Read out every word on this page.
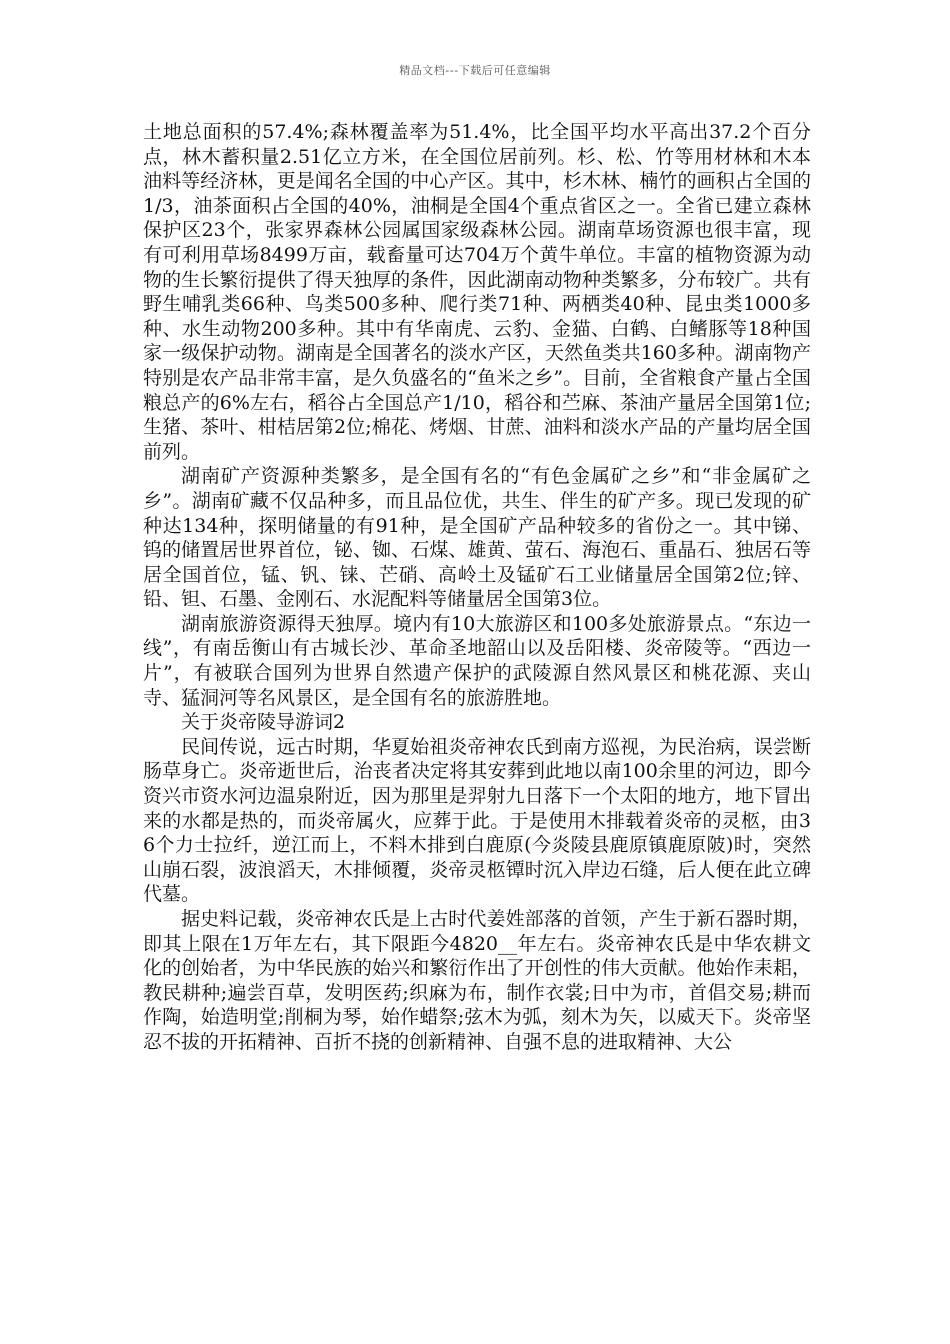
精品文档---下载后可任意编辑

土地总面积的57.4%;森林覆盖率为51.4%，比全国平均水平高出37.2个百分点，林木蓄积量2.51亿立方米，在全国位居前列。杉、松、竹等用材林和木本油料等经济林，更是闻名全国的中心产区。其中，杉木林、楠竹的画积占全国的1/3，油茶面积占全国的40%，油桐是全国4个重点省区之一。全省已建立森林保护区23个，张家界森林公园属国家级森林公园。湖南草场资源也很丰富，现有可利用草场8499万亩，载畜量可达704万个黄牛单位。丰富的植物资源为动物的生长繁衍提供了得天独厚的条件，因此湖南动物种类繁多，分布较广。共有野生哺乳类66种、鸟类500多种、爬行类71种、两栖类40种、昆虫类1000多种、水生动物200多种。其中有华南虎、云豹、金猫、白鹤、白鳍豚等18种国家一级保护动物。湖南是全国著名的淡水产区，天然鱼类共160多种。湖南物产特别是农产品非常丰富，是久负盛名的“鱼米之乡”。目前，全省粮食产量占全国粮总产的6%左右，稻谷占全国总产1/10，稻谷和苎麻、茶油产量居全国第1位;生猪、茶叶、柑桔居第2位;棉花、烤烟、甘蔗、油料和淡水产品的产量均居全国前列。

湖南矿产资源种类繁多，是全国有名的“有色金属矿之乡”和“非金属矿之乡”。湖南矿藏不仅品种多，而且品位优，共生、伴生的矿产多。现已发现的矿种达134种，探明储量的有91种，是全国矿产品种较多的省份之一。其中锑、钨的储置居世界首位，铋、铷、石煤、雄黄、萤石、海泡石、重晶石、独居石等居全国首位，锰、钒、铼、芒硝、高岭土及锰矿石工业储量居全国第2位;锌、铅、钽、石墨、金刚石、水泥配料等储量居全国第3位。

湖南旅游资源得天独厚。境内有10大旅游区和100多处旅游景点。“东边一线”，有南岳衡山有古城长沙、革命圣地韶山以及岳阳楼、炎帝陵等。“西边一片”，有被联合国列为世界自然遗产保护的武陵源自然风景区和桃花源、夹山寺、猛洞河等名风景区，是全国有名的旅游胜地。

关于炎帝陵导游词2

民间传说，远古时期，华夏始祖炎帝神农氏到南方巡视，为民治病，误尝断肠草身亡。炎帝逝世后，治丧者决定将其安葬到此地以南100余里的河边，即今资兴市资水河边温泉附近，因为那里是羿射九日落下一个太阳的地方，地下冒出来的水都是热的，而炎帝属火，应葬于此。于是使用木排载着炎帝的灵柩，由36个力士拉纤，逆江而上，不料木排到白鹿原(今炎陵县鹿原镇鹿原陂)时，突然山崩石裂，波浪滔天，木排倾覆，炎帝灵柩镡时沉入岸边石缝，后人便在此立碑代墓。

据史料记载，炎帝神农氏是上古时代姜姓部落的首领，产生于新石器时期，即其上限在1万年左右，其下限距今4820__年左右。炎帝神农氏是中华农耕文化的创始者，为中华民族的始兴和繁衍作出了开创性的伟大贡献。他始作耒耜，教民耕种;遍尝百草，发明医药;织麻为布，制作衣裳;日中为市，首倡交易;耕而作陶，始造明堂;削桐为琴，始作蜡祭;弦木为弧，刻木为矢，以威天下。炎帝坚忍不拔的开拓精神、百折不挠的创新精神、自强不息的进取精神、大公
